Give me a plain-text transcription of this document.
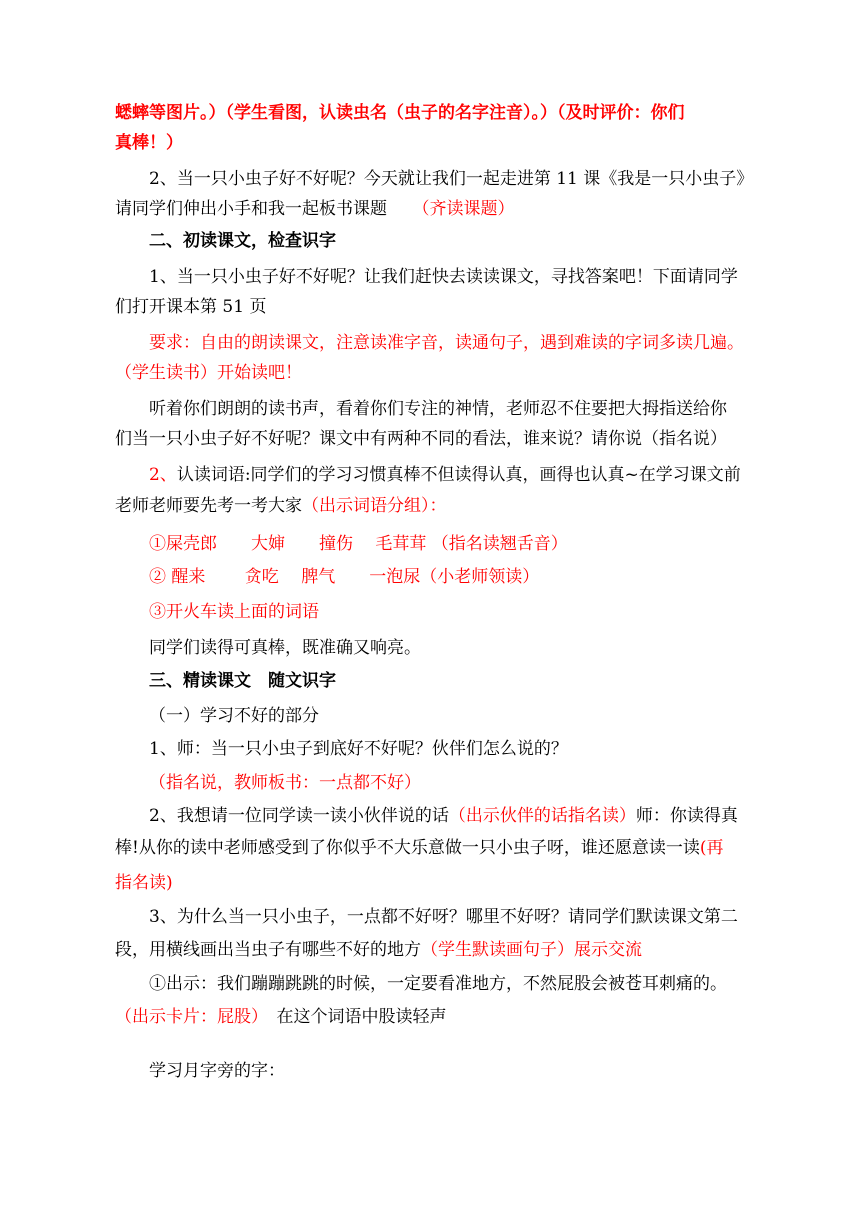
蟋蟀等图片。）（学生看图，认读虫名（虫子的名字注音）。）（及时评价：你们
真棒！）
2、当一只小虫子好不好呢？今天就让我们一起走进第 11 课《我是一只小虫子》
请同学们伸出小手和我一起板书课题　　（齐读课题）
二、初读课文，检查识字
1、当一只小虫子好不好呢？让我们赶快去读读课文，寻找答案吧！下面请同学
们打开课本第 51 页
要求：自由的朗读课文，注意读准字音，读通句子，遇到难读的字词多读几遍。
（学生读书）开始读吧！
听着你们朗朗的读书声，看着你们专注的神情，老师忍不住要把大拇指送给你
们当一只小虫子好不好呢？课文中有两种不同的看法，谁来说？请你说（指名说）
2、认读词语:同学们的学习习惯真棒不但读得认真，画得也认真~在学习课文前
老师老师要先考一考大家（出示词语分组）：
①屎壳郎　　大婶　　撞伤　 毛茸茸 （指名读翘舌音）
② 醒来　　 贪吃　 脾气　　一泡尿（小老师领读）
③开火车读上面的词语
同学们读得可真棒，既准确又响亮。
三、精读课文　随文识字
（一）学习不好的部分
1、师：当一只小虫子到底好不好呢？伙伴们怎么说的？
（指名说，教师板书：一点都不好）
2、我想请一位同学读一读小伙伴说的话（出示伙伴的话指名读）师：你读得真
棒!从你的读中老师感受到了你似乎不大乐意做一只小虫子呀，谁还愿意读一读(再
指名读)
3、为什么当一只小虫子，一点都不好呀？哪里不好呀？请同学们默读课文第二
段，用横线画出当虫子有哪些不好的地方（学生默读画句子）展示交流
①出示：我们蹦蹦跳跳的时候，一定要看准地方，不然屁股会被苍耳刺痛的。
（出示卡片：屁股）　在这个词语中股读轻声
学习月字旁的字：
